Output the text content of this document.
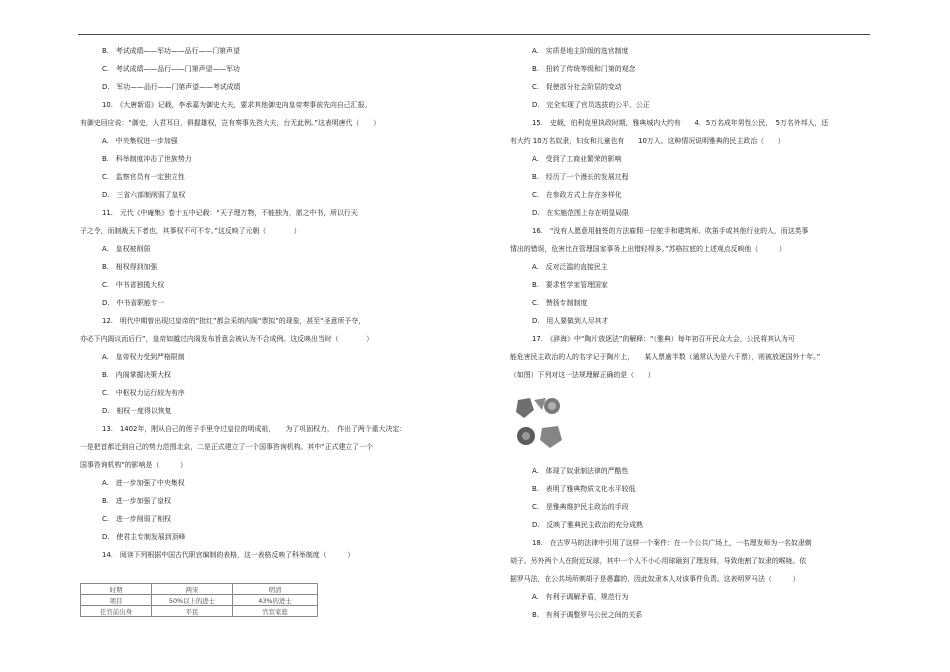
B.　考试成绩——军功——品行——门第声望
C.　考试成绩——品行——门第声望——军功
D.　军功——品行——门第声望——考试成绩
10.　《大唐新语》记载，李承嘉为御史大夫，要求其他御史向皇帝奏事前先向自己汇报。
有御史回应说：“御史，人君耳目，俱握雄权，岂有奏事先咨大夫，台无此例。”这表明唐代（　　）
A.　中央集权进一步加强
B.　科举制度冲击了世族势力
C.　监察官员有一定独立性
D.　三省六部制削弱了皇权
11.　元代《中庵集》卷十五中记载：“天子理万物，不能独为，需之中书，所以行天
子之令，而制裁天下者也，其事权不可不专。”这反映了元朝（　　　　）
A.　皇权被削弱
B.　相权得到加强
C.　中书省独揽大权
D.　中书省职能专一
12.　明代中期曾出现过皇帝的“批红”都会采纳内阁“票拟”的现象，甚至“圣意所予夺，
亦必下内阁议而后行”，皇帝如越过内阁发布旨意会被认为不合成例。这反映出当时（　　　　）
A.　皇帝权力受到严格限制
B.　内阁掌握决策大权
C.　中枢权力运行较为有序
D.　相权一度得以恢复
13.　1402年，刚从自己的侄子手里夺过皇位的明成祖，　　为了巩固权力，　作出了两个重大决定：
一是把首都迁到自己的势力范围北京，二是正式建立了一个国事咨询机构。其中“正式建立了一个
国事咨询机构”的影响是（　　　）
A.　进一步加强了中央集权
B.　进一步加强了皇权
C.　进一步削弱了相权
D.　使君主专制发展到顶峰
14.　阅读下列根据中国古代职官编制的表格，这一表格反映了科举制度（　　　）
时期	两宋	明清
项目	50%以上的进士	43%的进士
任官前出身	平民	官宦家庭
A.　实质是地主阶级的选官制度
B.　扭转了传统等级和门第的观念
C.　促使部分社会阶层的变动
D.　完全实现了官员选拔的公平、公正
15.　史载，伯利克里执政时期，雅典城内大约有　　4．5万名成年男性公民，　5万名外邦人，还
有大约 10万名奴隶，妇女和儿童也有　　10万人。这种情况说明雅典的民主政治（　　）
A.　受到了工商业繁荣的影响
B.　经历了一个漫长的发展过程
C.　在参政方式上存在多样化
D.　在实施范围上存在明显局限
16.　“没有人愿意用抽签的方法雇佣一位舵手和建筑师、吹笛手或其他行业的人，而这类事
情出的错误，危害比在管理国家事务上出错轻得多。”苏格拉底的上述观点反映他（　　　）
A.　反对泛滥的直接民主
B.　要求哲学家管理国家
C.　赞扬专制制度
D.　用人要做到人尽其才
17.　《辞海》中“陶片放逐法”的解释：“（雅典）每年初召开民众大会，公民将其认为可
能危害民主政治的人的名字记于陶片上，　　某人票逾半数（通常认为是六千票），则被放逐国外十年。”
（如图）下列对这一法规理解正确的是（　　）
A.　体现了奴隶制法律的严酷性
B.　表明了雅典物质文化水平较低
C.　是雅典维护民主政治的手段
D.　反映了雅典民主政治的充分成熟
18.　在古罗马的法律中引用了这样一个案件：在一个公共广场上，一名理发师为一名奴隶剃
胡子。另外两个人在附近玩球，其中一个人不小心用球砸到了理发师，导致他割了奴隶的喉咙。依
据罗马法，在公共场所剃胡子是愚蠢的，因此奴隶本人对该事件负责。这表明罗马法（　　　）
A.　有利于调解矛盾，规范行为
B.　有利于调整罗马公民之间的关系
